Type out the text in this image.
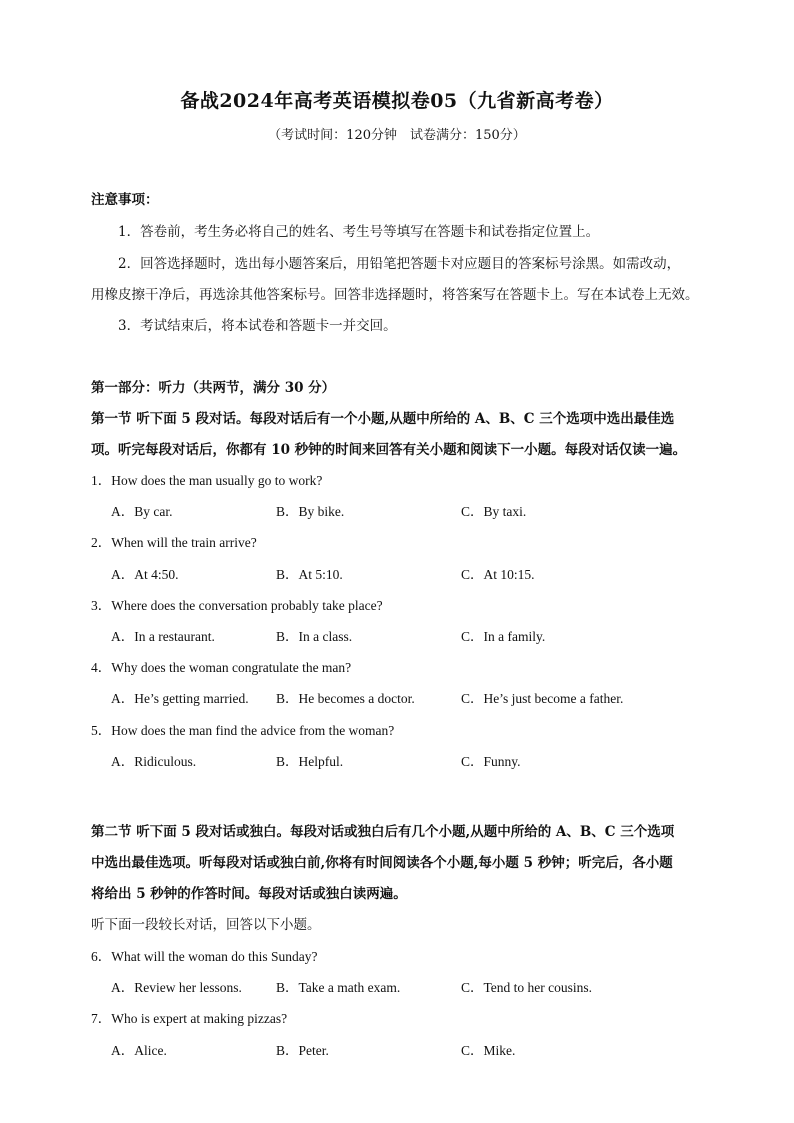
备战2024年高考英语模拟卷05（九省新高考卷）
（考试时间：120分钟　试卷满分：150分）
注意事项：
1．答卷前，考生务必将自己的姓名、考生号等填写在答题卡和试卷指定位置上。
2．回答选择题时，选出每小题答案后，用铅笔把答题卡对应题目的答案标号涂黑。如需改动，
用橡皮擦干净后，再选涂其他答案标号。回答非选择题时，将答案写在答题卡上。写在本试卷上无效。
3．考试结束后，将本试卷和答题卡一并交回。
第一部分：听力（共两节，满分 30 分）
第一节 听下面 5 段对话。每段对话后有一个小题,从题中所给的 A、B、C 三个选项中选出最佳选
项。听完每段对话后，你都有 10 秒钟的时间来回答有关小题和阅读下一小题。每段对话仅读一遍。
1．How does the man usually go to work?
A．By car.	B．By bike.	C．By taxi.
2．When will the train arrive?
A．At 4:50.	B．At 5:10.	C．At 10:15.
3．Where does the conversation probably take place?
A．In a restaurant.	B．In a class.	C．In a family.
4．Why does the woman congratulate the man?
A．He’s getting married. B．He becomes a doctor.	C．He’s just become a father.
5．How does the man find the advice from the woman?
A．Ridiculous.	B．Helpful.	C．Funny.
第二节 听下面 5 段对话或独白。每段对话或独白后有几个小题,从题中所给的 A、B、C 三个选项
中选出最佳选项。听每段对话或独白前,你将有时间阅读各个小题,每小题 5 秒钟；听完后，各小题
将给出 5 秒钟的作答时间。每段对话或独白读两遍。
听下面一段较长对话，回答以下小题。
6．What will the woman do this Sunday?
A．Review her lessons.	B．Take a math exam.	C．Tend to her cousins.
7．Who is expert at making pizzas?
A．Alice.	B．Peter.	C．Mike.
